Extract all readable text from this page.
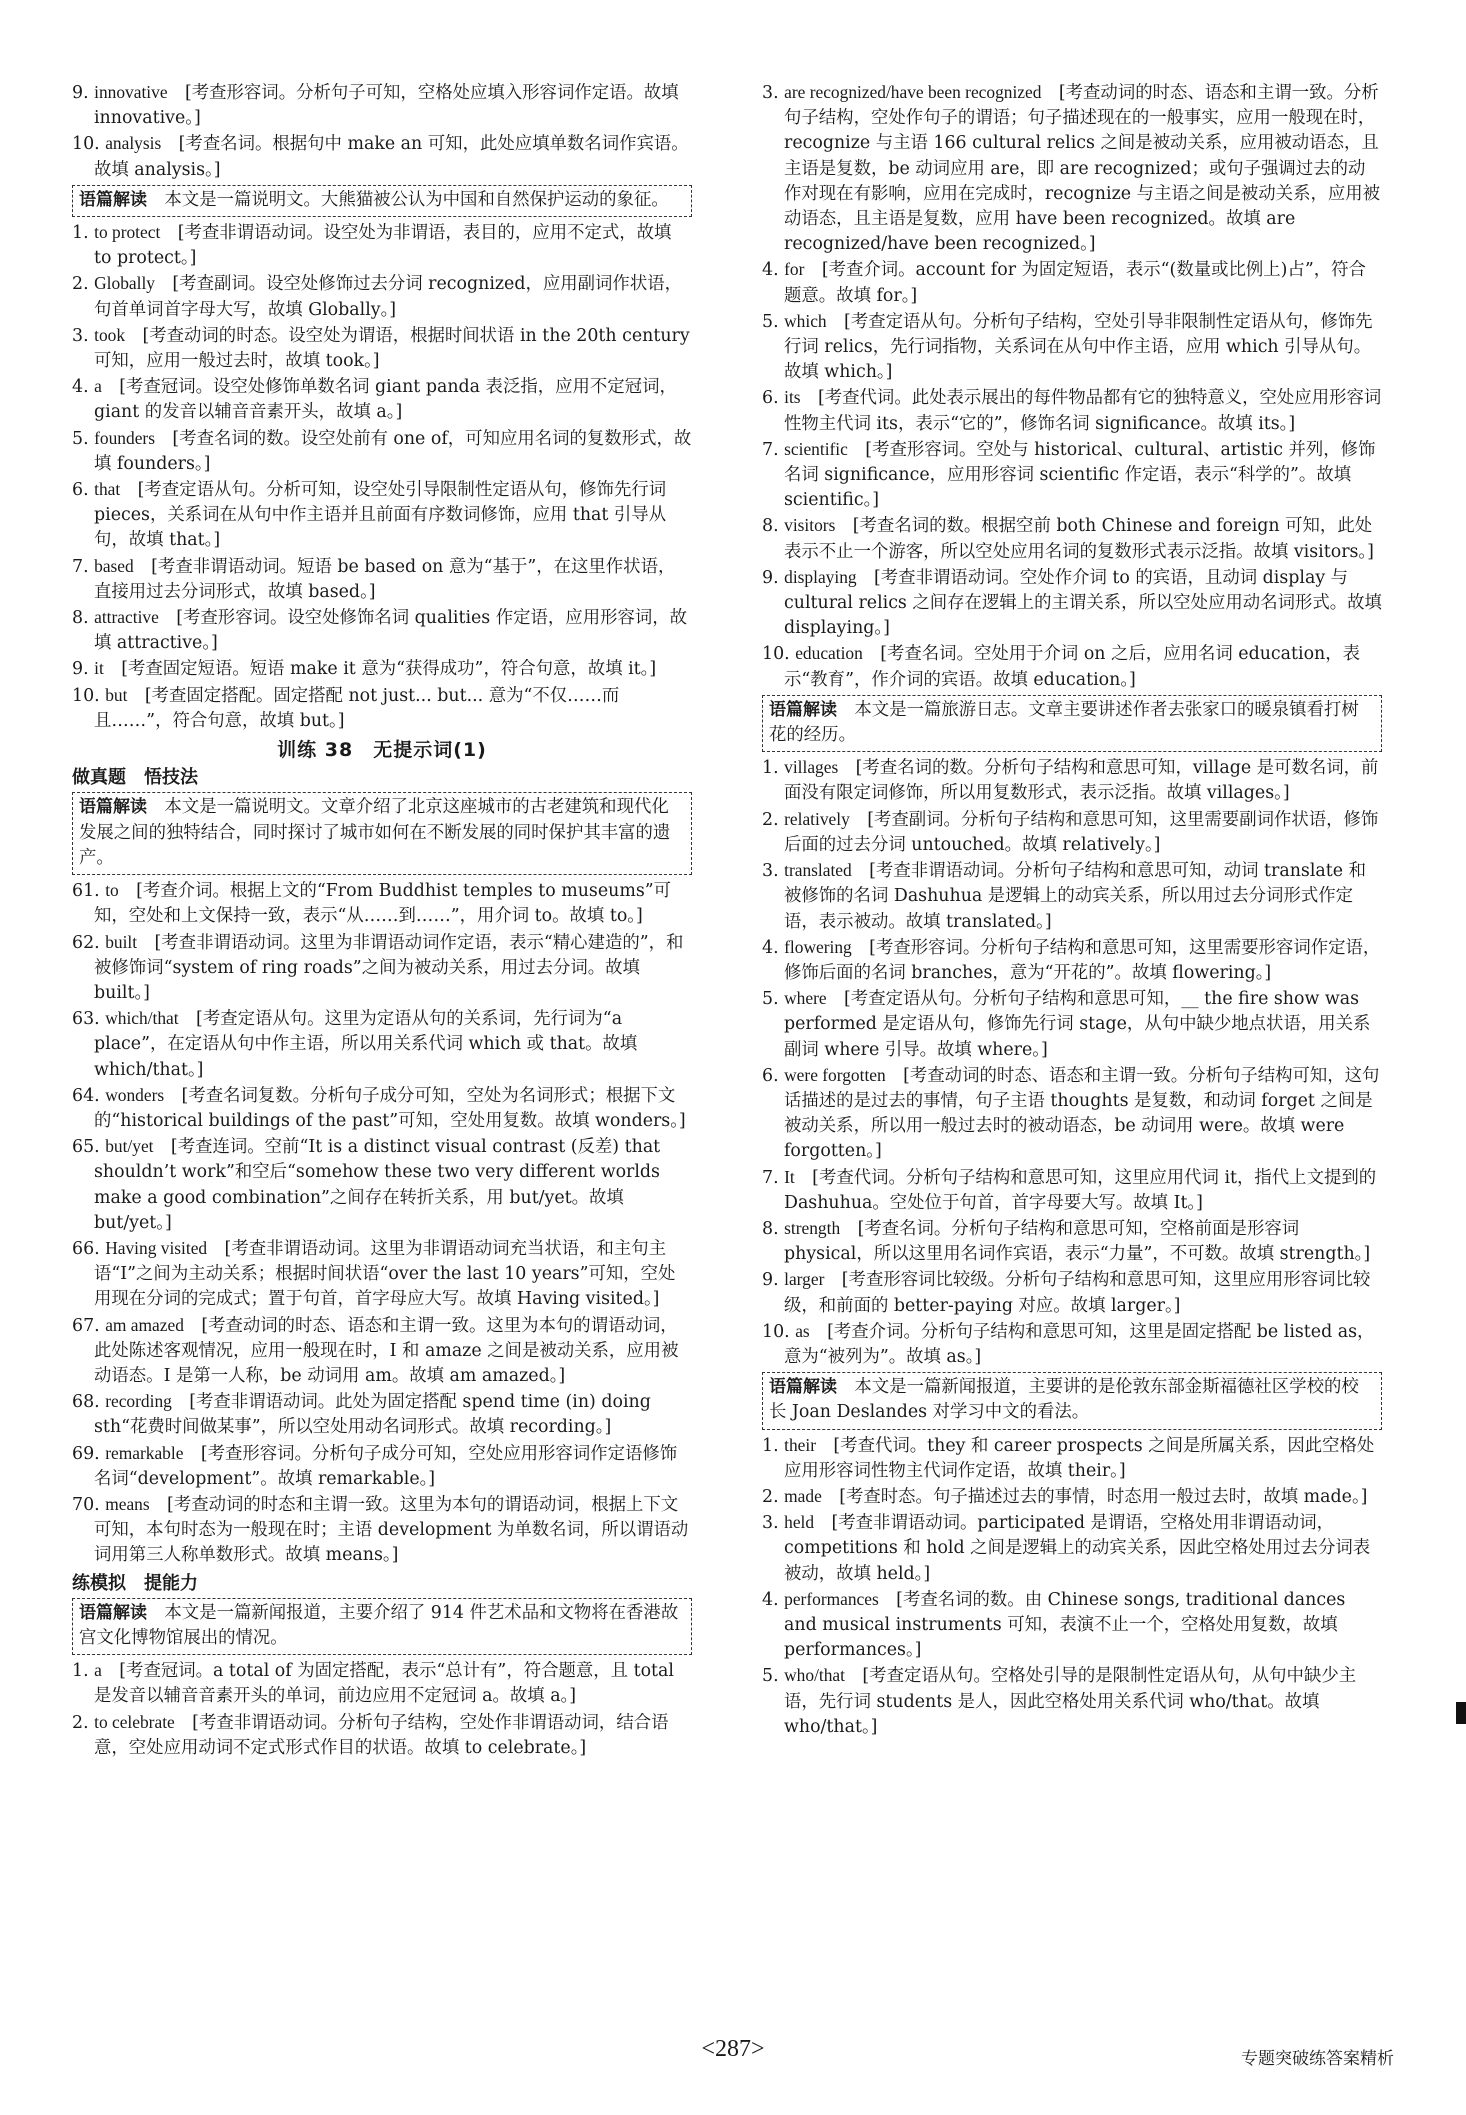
9. innovative　 [考查形容词。分析句子可知，空格处应填入形容词作定语。故填 innovative。]

10. analysis　 [考查名词。根据句中 make an 可知，此处应填单数名词作宾语。故填 analysis。]

语篇解读　 本文是一篇说明文。大熊猫被公认为中国和自然保护运动的象征。

1. to protect　 [考查非谓语动词。设空处为非谓语，表目的，应用不定式，故填 to protect。]

2. Globally　 [考查副词。设空处修饰过去分词 recognized，应用副词作状语，句首单词首字母大写，故填 Globally。]

3. took　 [考查动词的时态。设空处为谓语，根据时间状语 in the 20th century 可知，应用一般过去时，故填 took。]

4. a　 [考查冠词。设空处修饰单数名词 giant panda 表泛指，应用不定冠词，giant 的发音以辅音音素开头，故填 a。]

5. founders　 [考查名词的数。设空处前有 one of，可知应用名词的复数形式，故填 founders。]

6. that　 [考查定语从句。分析可知，设空处引导限制性定语从句，修饰先行词 pieces，关系词在从句中作主语并且前面有序数词修饰，应用 that 引导从句，故填 that。]

7. based　 [考查非谓语动词。短语 be based on 意为“基于”，在这里作状语，直接用过去分词形式，故填 based。]

8. attractive　 [考查形容词。设空处修饰名词 qualities 作定语，应用形容词，故填 attractive。]

9. it　 [考查固定短语。短语 make it 意为“获得成功”，符合句意，故填 it。]

10. but　 [考查固定搭配。固定搭配 not just... but... 意为“不仅……而且……”，符合句意，故填 but。]

训练 38　无提示词(1)
做真题　悟技法
语篇解读　 本文是一篇说明文。文章介绍了北京这座城市的古老建筑和现代化发展之间的独特结合，同时探讨了城市如何在不断发展的同时保护其丰富的遗产。

61. to　 [考查介词。根据上文的“From Buddhist temples to museums”可知，空处和上文保持一致，表示“从……到……”，用介词 to。故填 to。]

62. built　 [考查非谓语动词。这里为非谓语动词作定语，表示“精心建造的”，和被修饰词“system of ring roads”之间为被动关系，用过去分词。故填 built。]

63. which/that　 [考查定语从句。这里为定语从句的关系词，先行词为“a place”，在定语从句中作主语，所以用关系代词 which 或 that。故填 which/that。]

64. wonders　 [考查名词复数。分析句子成分可知，空处为名词形式；根据下文的“historical buildings of the past”可知，空处用复数。故填 wonders。]

65. but/yet　 [考查连词。空前“It is a distinct visual contrast (反差) that shouldn’t work”和空后“somehow these two very different worlds make a good combination”之间存在转折关系，用 but/yet。故填 but/yet。]

66. Having visited　 [考查非谓语动词。这里为非谓语动词充当状语，和主句主语“I”之间为主动关系；根据时间状语“over the last 10 years”可知，空处用现在分词的完成式；置于句首，首字母应大写。故填 Having visited。]

67. am amazed　 [考查动词的时态、语态和主谓一致。这里为本句的谓语动词，此处陈述客观情况，应用一般现在时，I 和 amaze 之间是被动关系，应用被动语态。I 是第一人称，be 动词用 am。故填 am amazed。]

68. recording　 [考查非谓语动词。此处为固定搭配 spend time (in) doing sth“花费时间做某事”，所以空处用动名词形式。故填 recording。]

69. remarkable　 [考查形容词。分析句子成分可知，空处应用形容词作定语修饰名词“development”。故填 remarkable。]

70. means　 [考查动词的时态和主谓一致。这里为本句的谓语动词，根据上下文可知，本句时态为一般现在时；主语 development 为单数名词，所以谓语动词用第三人称单数形式。故填 means。]

练模拟　提能力
语篇解读　 本文是一篇新闻报道，主要介绍了 914 件艺术品和文物将在香港故宫文化博物馆展出的情况。

1. a　 [考查冠词。a total of 为固定搭配，表示“总计有”，符合题意，且 total 是发音以辅音音素开头的单词，前边应用不定冠词 a。故填 a。]

2. to celebrate　 [考查非谓语动词。分析句子结构，空处作非谓语动词，结合语意，空处应用动词不定式形式作目的状语。故填 to celebrate。]

3. are recognized/have been recognized　 [考查动词的时态、语态和主谓一致。分析句子结构，空处作句子的谓语；句子描述现在的一般事实，应用一般现在时，recognize 与主语 166 cultural relics 之间是被动关系，应用被动语态，且主语是复数，be 动词应用 are，即 are recognized；或句子强调过去的动作对现在有影响，应用在完成时，recognize 与主语之间是被动关系，应用被动语态，且主语是复数，应用 have been recognized。故填 are recognized/have been recognized。]

4. for　 [考查介词。account for 为固定短语，表示“(数量或比例上)占”，符合题意。故填 for。]

5. which　 [考查定语从句。分析句子结构，空处引导非限制性定语从句，修饰先行词 relics，先行词指物，关系词在从句中作主语，应用 which 引导从句。故填 which。]

6. its　 [考查代词。此处表示展出的每件物品都有它的独特意义，空处应用形容词性物主代词 its，表示“它的”，修饰名词 significance。故填 its。]

7. scientific　 [考查形容词。空处与 historical、cultural、artistic 并列，修饰名词 significance，应用形容词 scientific 作定语，表示“科学的”。故填 scientific。]

8. visitors　 [考查名词的数。根据空前 both Chinese and foreign 可知，此处表示不止一个游客，所以空处应用名词的复数形式表示泛指。故填 visitors。]

9. displaying　 [考查非谓语动词。空处作介词 to 的宾语，且动词 display 与 cultural relics 之间存在逻辑上的主谓关系，所以空处应用动名词形式。故填 displaying。]

10. education　 [考查名词。空处用于介词 on 之后，应用名词 education，表示“教育”，作介词的宾语。故填 education。]

语篇解读　 本文是一篇旅游日志。文章主要讲述作者去张家口的暖泉镇看打树花的经历。

1. villages　 [考查名词的数。分析句子结构和意思可知，village 是可数名词，前面没有限定词修饰，所以用复数形式，表示泛指。故填 villages。]

2. relatively　 [考查副词。分析句子结构和意思可知，这里需要副词作状语，修饰后面的过去分词 untouched。故填 relatively。]

3. translated　 [考查非谓语动词。分析句子结构和意思可知，动词 translate 和被修饰的名词 Dashuhua 是逻辑上的动宾关系，所以用过去分词形式作定语，表示被动。故填 translated。]

4. flowering　 [考查形容词。分析句子结构和意思可知，这里需要形容词作定语，修饰后面的名词 branches，意为“开花的”。故填 flowering。]

5. where　 [考查定语从句。分析句子结构和意思可知，__ the fire show was performed 是定语从句，修饰先行词 stage，从句中缺少地点状语，用关系副词 where 引导。故填 where。]

6. were forgotten　 [考查动词的时态、语态和主谓一致。分析句子结构可知，这句话描述的是过去的事情，句子主语 thoughts 是复数，和动词 forget 之间是被动关系，所以用一般过去时的被动语态，be 动词用 were。故填 were forgotten。]

7. It　 [考查代词。分析句子结构和意思可知，这里应用代词 it，指代上文提到的 Dashuhua。空处位于句首，首字母要大写。故填 It。]

8. strength　 [考查名词。分析句子结构和意思可知，空格前面是形容词 physical，所以这里用名词作宾语，表示“力量”，不可数。故填 strength。]

9. larger　 [考查形容词比较级。分析句子结构和意思可知，这里应用形容词比较级，和前面的 better-paying 对应。故填 larger。]

10. as　 [考查介词。分析句子结构和意思可知，这里是固定搭配 be listed as，意为“被列为”。故填 as。]

语篇解读　 本文是一篇新闻报道，主要讲的是伦敦东部金斯福德社区学校的校长 Joan Deslandes 对学习中文的看法。

1. their　 [考查代词。they 和 career prospects 之间是所属关系，因此空格处应用形容词性物主代词作定语，故填 their。]

2. made　 [考查时态。句子描述过去的事情，时态用一般过去时，故填 made。]

3. held　 [考查非谓语动词。participated 是谓语，空格处用非谓语动词，competitions 和 hold 之间是逻辑上的动宾关系，因此空格处用过去分词表被动，故填 held。]

4. performances　 [考查名词的数。由 Chinese songs, traditional dances and musical instruments 可知，表演不止一个，空格处用复数，故填 performances。]

5. who/that　 [考查定语从句。空格处引导的是限制性定语从句，从句中缺少主语，先行词 students 是人，因此空格处用关系代词 who/that。故填 who/that。]

<287>	专题突破练答案精析
